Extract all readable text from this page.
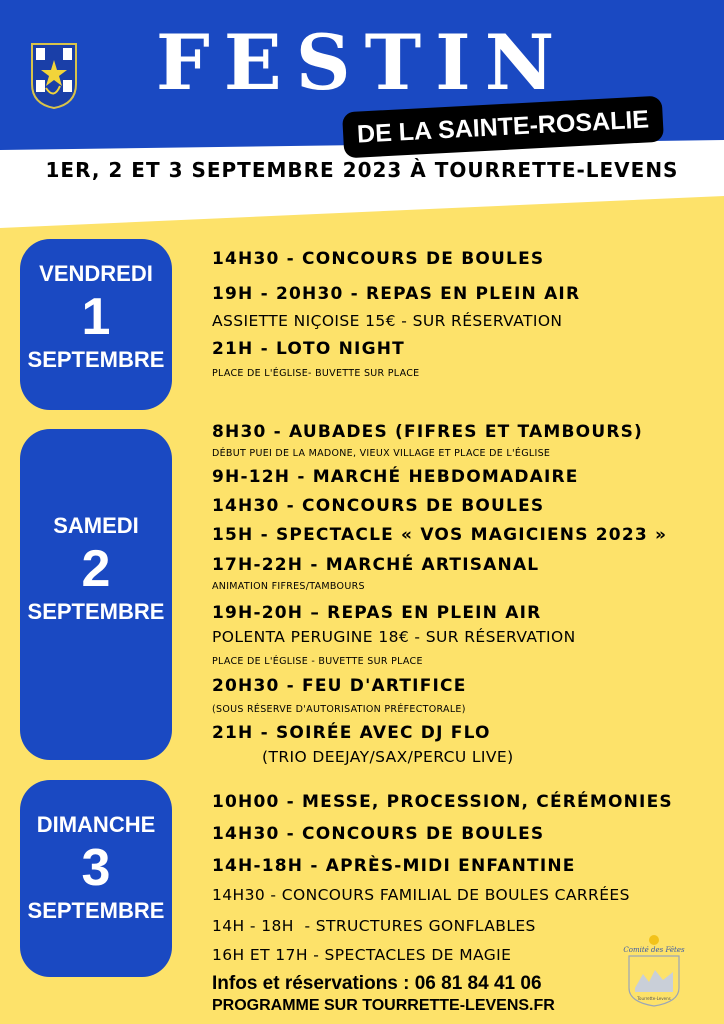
FESTIN
DE LA SAINTE-ROSALIE
1ER, 2 ET 3 SEPTEMBRE 2023 À TOURRETTE-LEVENS
VENDREDI
1
SEPTEMBRE
SAMEDI
2
SEPTEMBRE
DIMANCHE
3
SEPTEMBRE
14H30 - CONCOURS DE BOULES
19H - 20H30 - REPAS EN PLEIN AIR
ASSIETTE NIÇOISE 15€ - SUR RÉSERVATION
21H - LOTO NIGHT
PLACE DE L'ÉGLISE- BUVETTE SUR PLACE
8H30 - AUBADES (FIFRES ET TAMBOURS)
DÉBUT PUEI DE LA MADONE, VIEUX VILLAGE ET PLACE DE L'ÉGLISE
9H-12H - MARCHÉ HEBDOMADAIRE
14H30 - CONCOURS DE BOULES
15H - SPECTACLE « VOS MAGICIENS 2023 »
17H-22H - MARCHÉ ARTISANAL
ANIMATION FIFRES/TAMBOURS
19H-20H – REPAS EN PLEIN AIR
POLENTA PERUGINE 18€ - SUR RÉSERVATION
PLACE DE L'ÉGLISE - BUVETTE SUR PLACE
20H30 - FEU D'ARTIFICE
(SOUS RÉSERVE D'AUTORISATION PRÉFECTORALE)
21H - SOIRÉE AVEC DJ FLO
(TRIO DEEJAY/SAX/PERCU LIVE)
10H00 - MESSE, PROCESSION, CÉRÉMONIES
14H30 - CONCOURS DE BOULES
14H-18H - APRÈS-MIDI ENFANTINE
14H30 - CONCOURS FAMILIAL DE BOULES CARRÉES
14H - 18H  - STRUCTURES GONFLABLES
16H ET 17H - SPECTACLES DE MAGIE
Infos et réservations : 06 81 84 41 06
PROGRAMME SUR TOURRETTE-LEVENS.FR
Comité des Fêtes
Tourrette-Levens
